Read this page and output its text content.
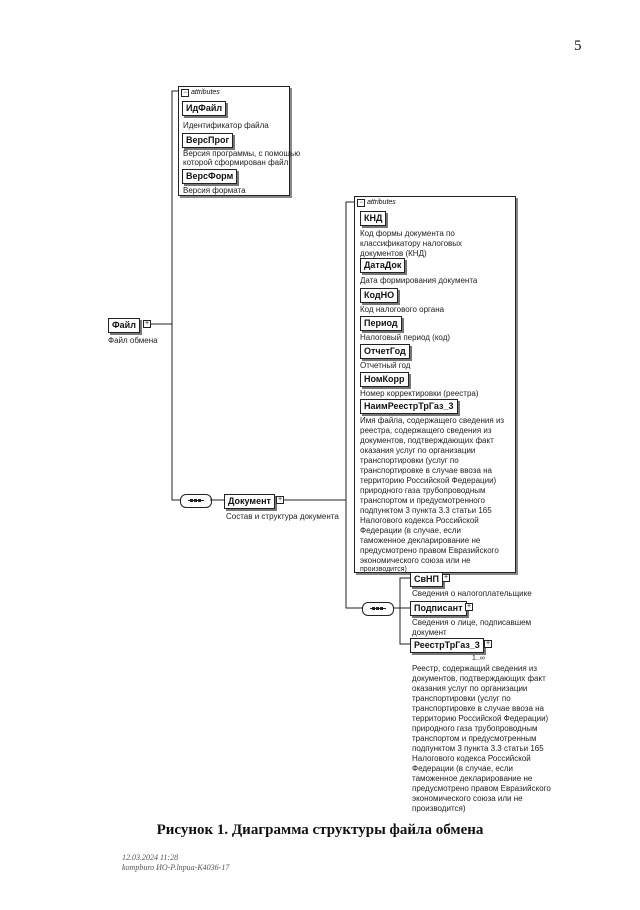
5
Файл	+
Файл обмена
− attributes
ИдФайл
Идентификатор файла
ВерсПрог
Версия программы, с помощью
которой сформирован файл
ВерсФорм
Версия формата
Документ	+
Состав и структура документа
− attributes
КНД
Код формы документа по
классификатору налоговых
документов (КНД)
ДатаДок
Дата формирования документа
КодНО
Код налогового органа
Период
Налоговый период (код)
ОтчетГод
Отчетный год
НомКорр
Номер корректировки (реестра)
НаимРеестрТрГаз_3
Имя файла, содержащего сведения из
реестра, содержащего сведения из
документов, подтверждающих факт
оказания услуг по организации
транспортировки (услуг по
транспортировке в случае ввоза на
территорию Российской Федерации)
природного газа трубопроводным
транспортом и предусмотренного
подпунктом 3 пункта 3.3 статьи 165
Налогового кодекса Российской
Федерации (в случае, если
таможенное декларирование не
предусмотрено правом Евразийского
экономического союза или не
производится)
СвНП +
Сведения о налогоплательщике
Подписант +
Сведения о лице, подписавшем
документ
РеестрТрГаз_3 +
1..∞
Реестр, содержащий сведения из
документов, подтверждающих факт
оказания услуг по организации
транспортировки (услуг по
транспортировке в случае ввоза на
территорию Российской Федерации)
природного газа трубопроводным
транспортом и предусмотренным
подпунктом 3 пункта 3.3 статьи 165
Налогового кодекса Российской
Федерации (в случае, если
таможенное декларирование не
предусмотрено правом Евразийского
экономического союза или не
производится)
Рисунок 1. Диаграмма структуры файла обмена
12.03.2024 11:28
kompburo ИО-Р.lnpua-K4036-17
